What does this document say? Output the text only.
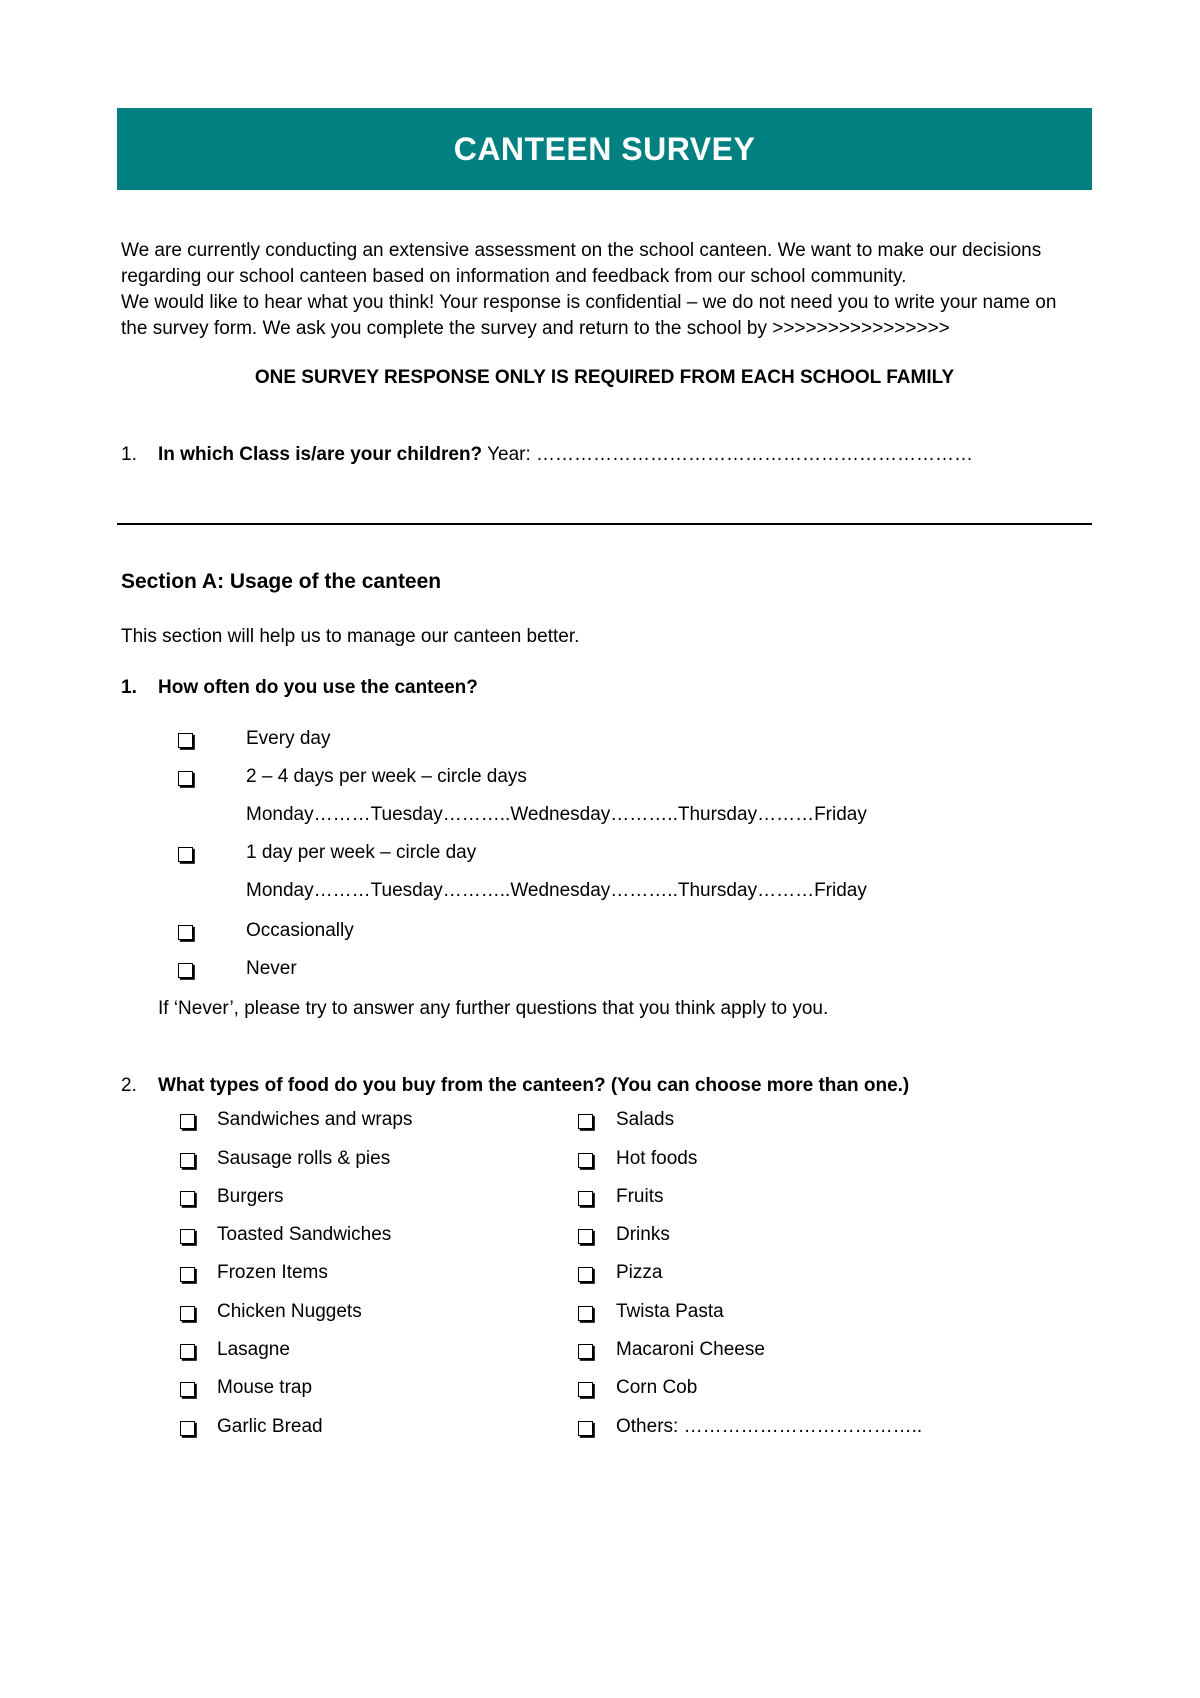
CANTEEN SURVEY

We are currently conducting an extensive assessment on the school canteen. We want to make our decisions regarding our school canteen based on information and feedback from our school community.

We would like to hear what you think! Your response is confidential – we do not need you to write your name on the survey form. We ask you complete the survey and return to the school by >>>>>>>>>>>>>>>>

ONE SURVEY RESPONSE ONLY IS REQUIRED FROM EACH SCHOOL FAMILY
1. In which Class is/are your children? Year: ……………………………………………………………
Section A: Usage of the canteen
This section will help us to manage our canteen better.
1. How often do you use the canteen?
Every day
2 – 4 days per week – circle days
Monday………Tuesday………..Wednesday………..Thursday………Friday
1 day per week – circle day
Monday………Tuesday………..Wednesday………..Thursday………Friday
Occasionally
Never
If ‘Never’, please try to answer any further questions that you think apply to you.
2. What types of food do you buy from the canteen? (You can choose more than one.)
Sandwiches and wraps
Sausage rolls & pies
Burgers
Toasted Sandwiches
Frozen Items
Chicken Nuggets
Lasagne
Mouse trap
Garlic Bread
Salads
Hot foods
Fruits
Drinks
Pizza
Twista Pasta
Macaroni Cheese
Corn Cob
Others: ………………………………..
